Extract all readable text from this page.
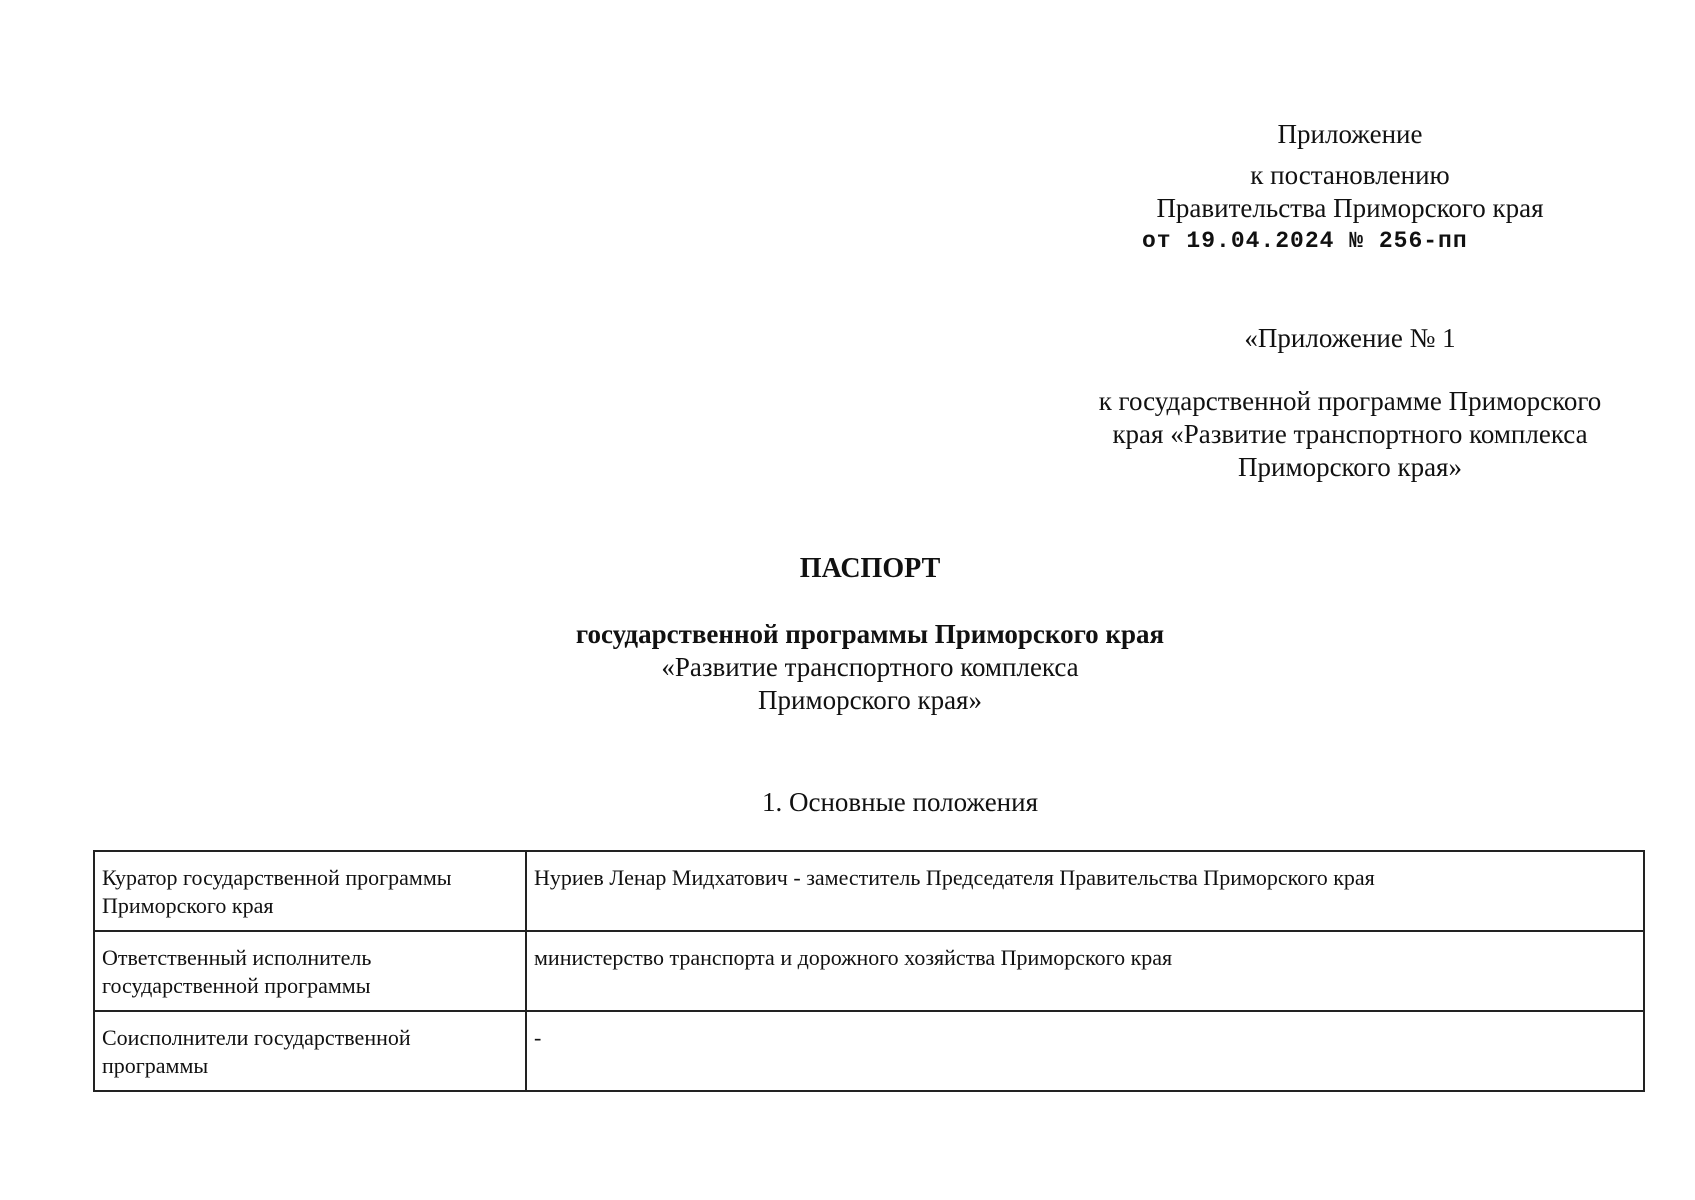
Приложение
к постановлению
Правительства Приморского края
от 19.04.2024 № 256-пп
«Приложение № 1
к государственной программе Приморского
края «Развитие транспортного комплекса
Приморского края»
ПАСПОРТ
государственной программы Приморского края
«Развитие транспортного комплекса
Приморского края»
1. Основные положения
Куратор государственной программы
Приморского края	Нуриев Ленар Мидхатович - заместитель Председателя Правительства Приморского края
Ответственный исполнитель
государственной программы	министерство транспорта и дорожного хозяйства Приморского края
Соисполнители государственной
программы	-
